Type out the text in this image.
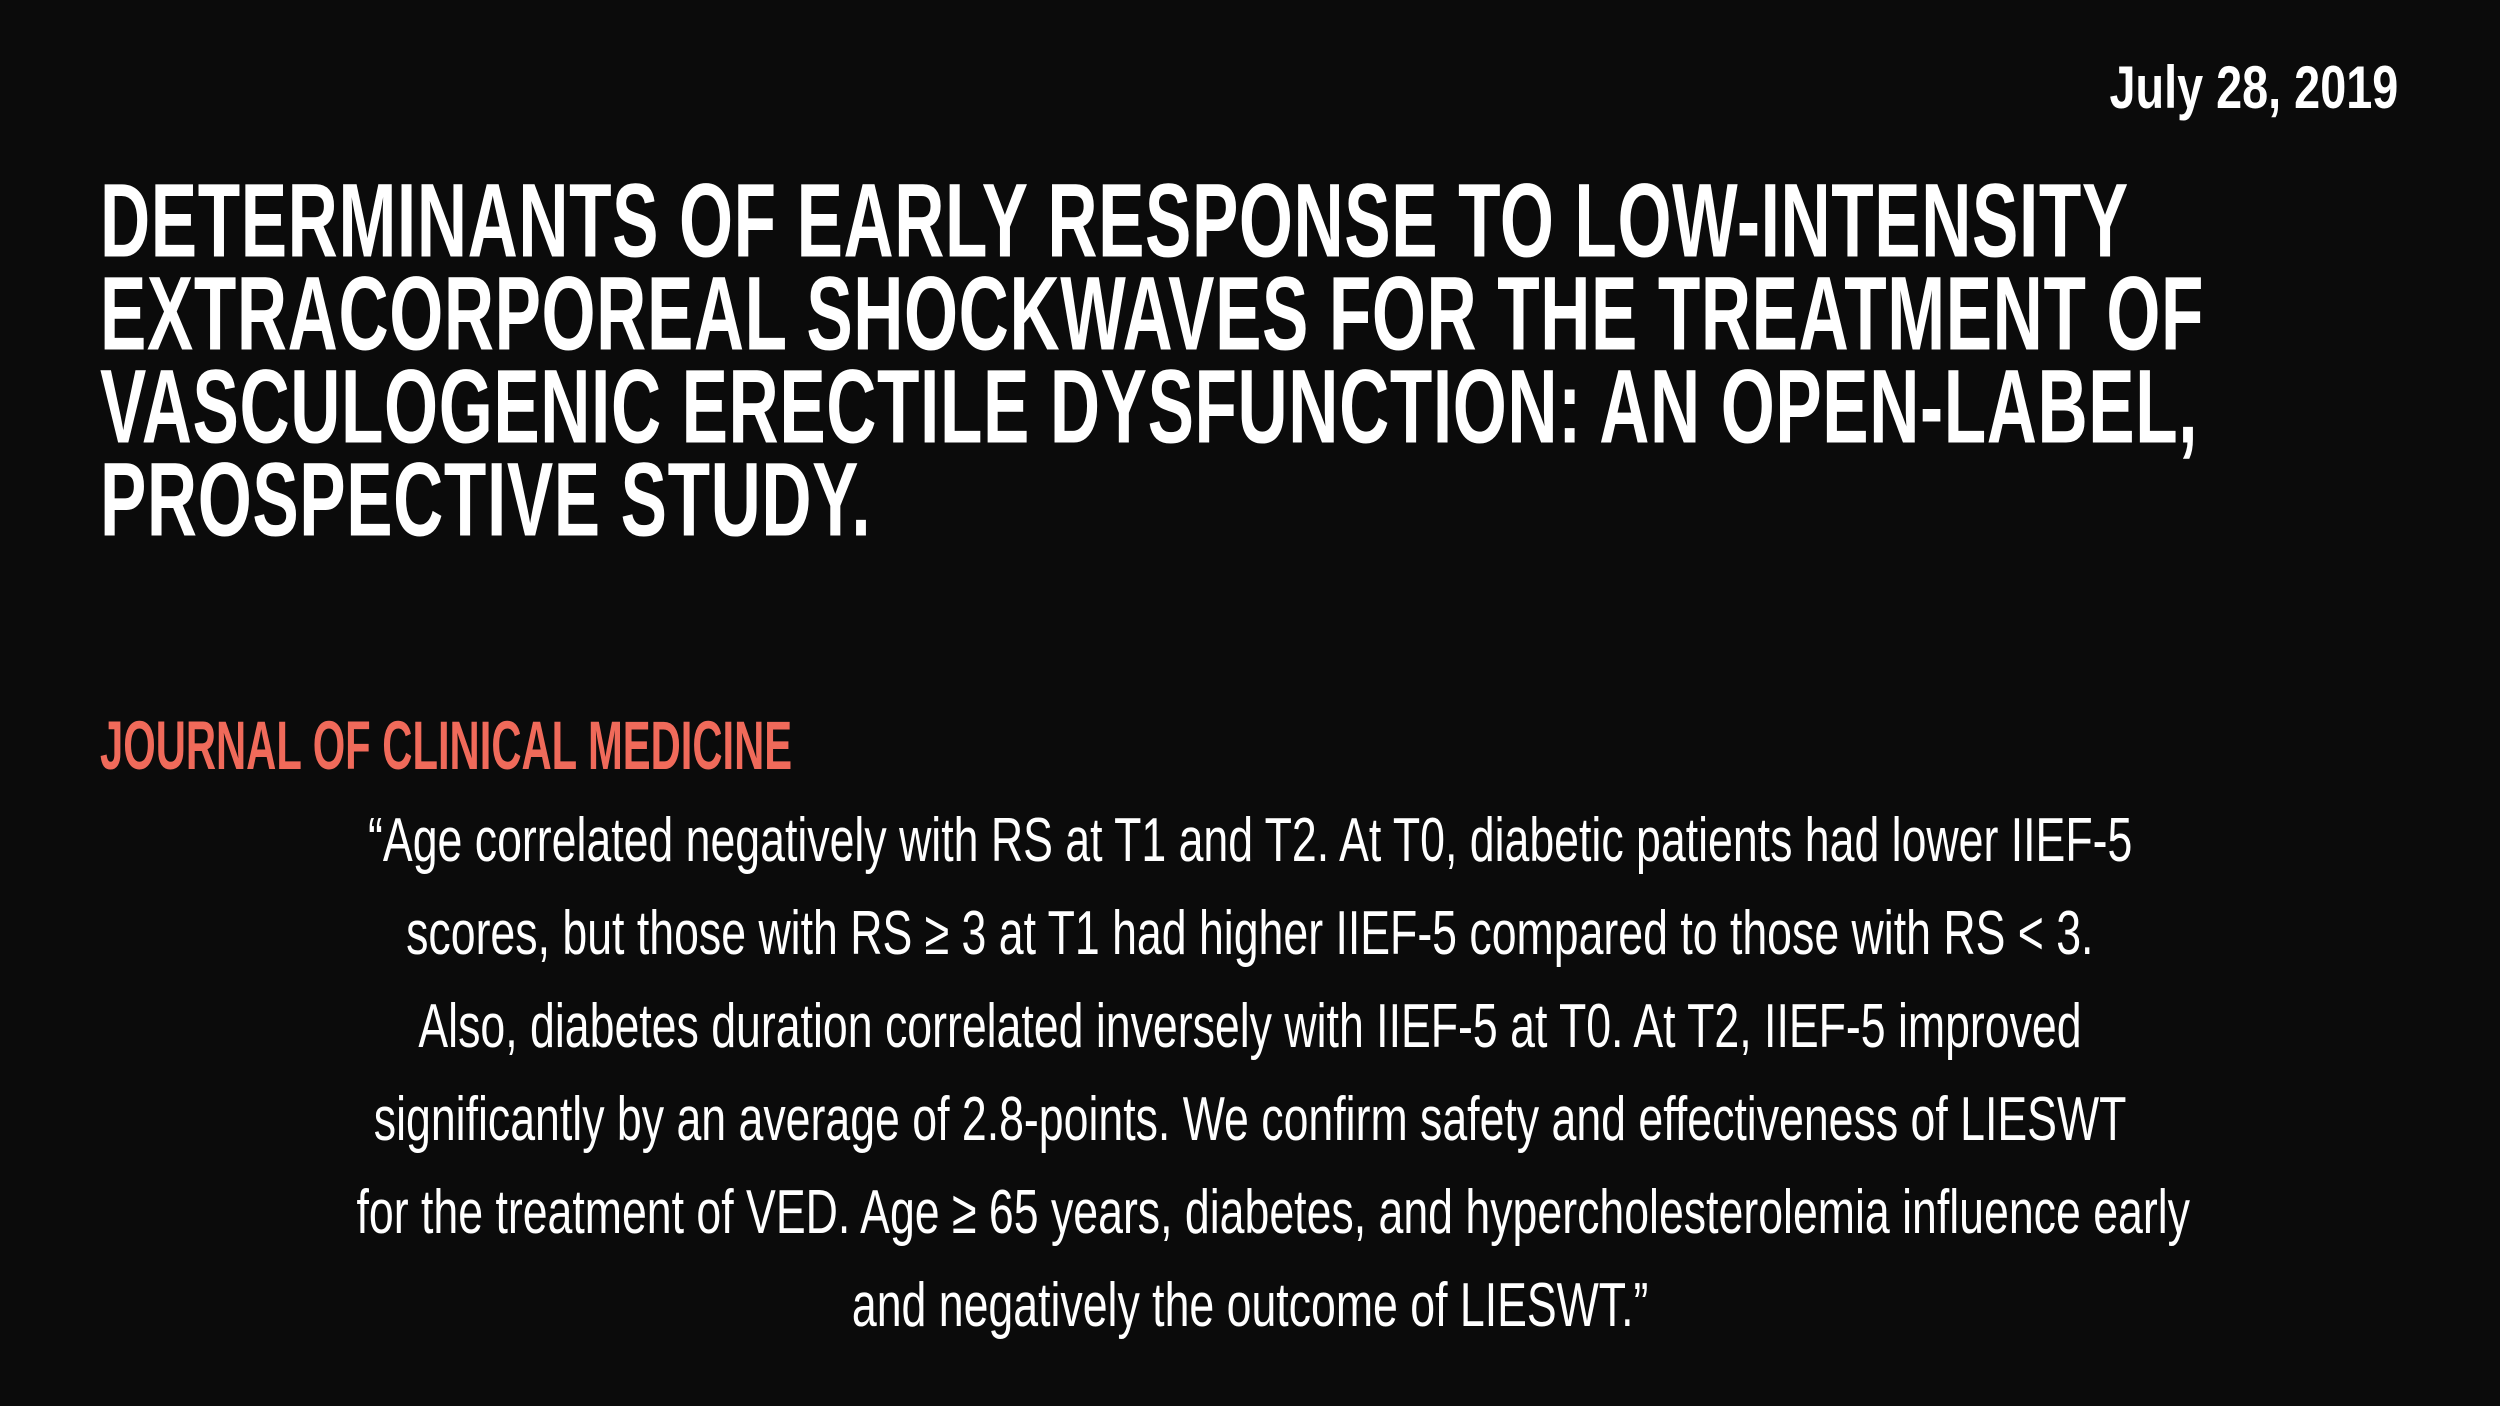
July 28, 2019
DETERMINANTS OF EARLY RESPONSE TO LOW-INTENSITY
EXTRACORPOREAL SHOCKWAVES FOR THE TREATMENT OF
VASCULOGENIC ERECTILE DYSFUNCTION: AN OPEN-LABEL,
PROSPECTIVE STUDY.
JOURNAL OF CLINICAL MEDICINE
“Age correlated negatively with RS at T1 and T2. At T0, diabetic patients had lower IIEF-5
scores, but those with RS ≥ 3 at T1 had higher IIEF-5 compared to those with RS < 3.
Also, diabetes duration correlated inversely with IIEF-5 at T0. At T2, IIEF-5 improved
significantly by an average of 2.8-points. We confirm safety and effectiveness of LIESWT
for the treatment of VED. Age ≥ 65 years, diabetes, and hypercholesterolemia influence early
and negatively the outcome of LIESWT.”
